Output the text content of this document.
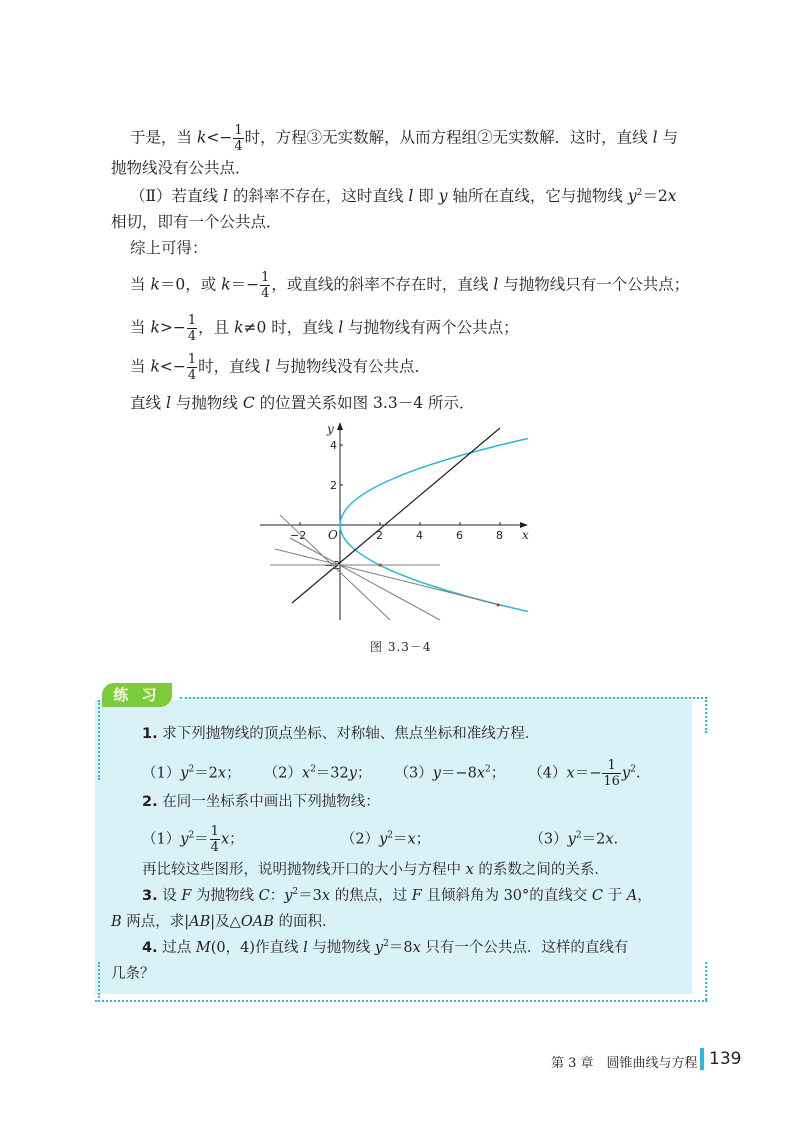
于是，当 $k<- \frac{1}{4}$ 时，方程③无实数解，从而方程组②无实数解．这时，直线 l 与
抛物线没有公共点．
（Ⅱ）若直线 l 的斜率不存在，这时直线 l 即 y 轴所在直线，它与抛物线 $y^2=2x$
相切，即有一个公共点．
综上可得：
当 k＝0，或 $k=- \frac{1}{4}$ ，或直线的斜率不存在时，直线 l 与抛物线只有一个公共点；
当 $k>- \frac{1}{4}$ ，且 k≠0 时，直线 l 与抛物线有两个公共点；
当 $k<- \frac{1}{4}$ 时，直线 l 与抛物线没有公共点．
直线 l 与抛物线 C 的位置关系如图 3.3－4 所示．
−2	2	4	6	8
4
2
−2
O	x
y
图 3.3－4
练 习
1. 求下列抛物线的顶点坐标、对称轴、焦点坐标和准线方程．
$(1)y^2=2x$；     $(2)x^2=32y$；     $(3)y=-8x^2$；     $(4)x=- \frac{1}{16} y^2$.
2. 在同一坐标系中画出下列抛物线：
$(1)y^2= \frac{1}{4}$ x；	$(2)y^2=x$；	$(3)y^2=2x$.
再比较这些图形，说明抛物线开口的大小与方程中 x 的系数之间的关系．
3. 设 F 为抛物线 C：$y^2=3x$ 的焦点，过 F 且倾斜角为 30°的直线交 C 于 A，
B 两点，求|AB|及△OAB 的面积．
4. 过点 M(0，4)作直线 l 与抛物线 $y^2=8x$ 只有一个公共点．这样的直线有
几条？
第 3 章　圆锥曲线与方程 139
